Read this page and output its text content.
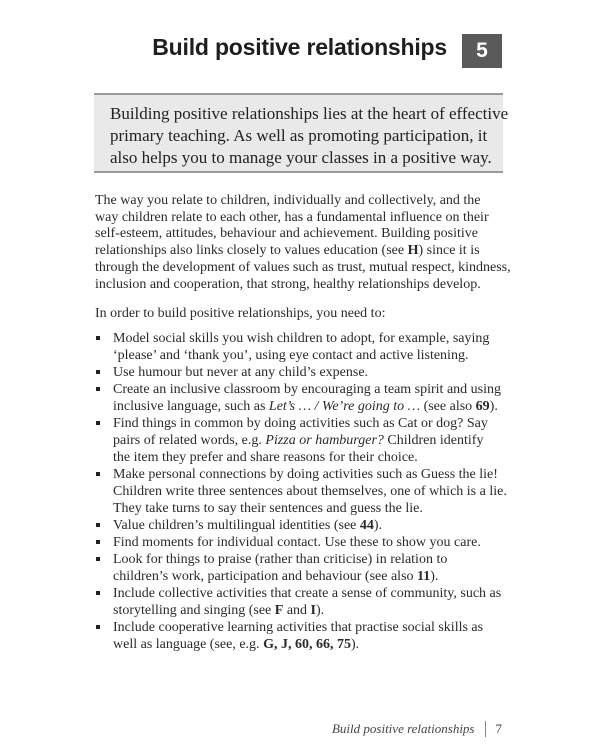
Build positive relationships	5
Building positive relationships lies at the heart of effective
primary teaching. As well as promoting participation, it
also helps you to manage your classes in a positive way.
The way you relate to children, individually and collectively, and the
way children relate to each other, has a fundamental influence on their
self-esteem, attitudes, behaviour and achievement. Building positive
relationships also links closely to values education (see H) since it is
through the development of values such as trust, mutual respect, kindness,
inclusion and cooperation, that strong, healthy relationships develop.
In order to build positive relationships, you need to:
Model social skills you wish children to adopt, for example, saying
‘please’ and ‘thank you’, using eye contact and active listening.
Use humour but never at any child’s expense.
Create an inclusive classroom by encouraging a team spirit and using
inclusive language, such as Let’s … / We’re going to … (see also 69).
Find things in common by doing activities such as Cat or dog? Say
pairs of related words, e.g. Pizza or hamburger? Children identify
the item they prefer and share reasons for their choice.
Make personal connections by doing activities such as Guess the lie!
Children write three sentences about themselves, one of which is a lie.
They take turns to say their sentences and guess the lie.
Value children’s multilingual identities (see 44).
Find moments for individual contact. Use these to show you care.
Look for things to praise (rather than criticise) in relation to
children’s work, participation and behaviour (see also 11).
Include collective activities that create a sense of community, such as
storytelling and singing (see F and I).
Include cooperative learning activities that practise social skills as
well as language (see, e.g. G, J, 60, 66, 75).
Build positive relationships 7
